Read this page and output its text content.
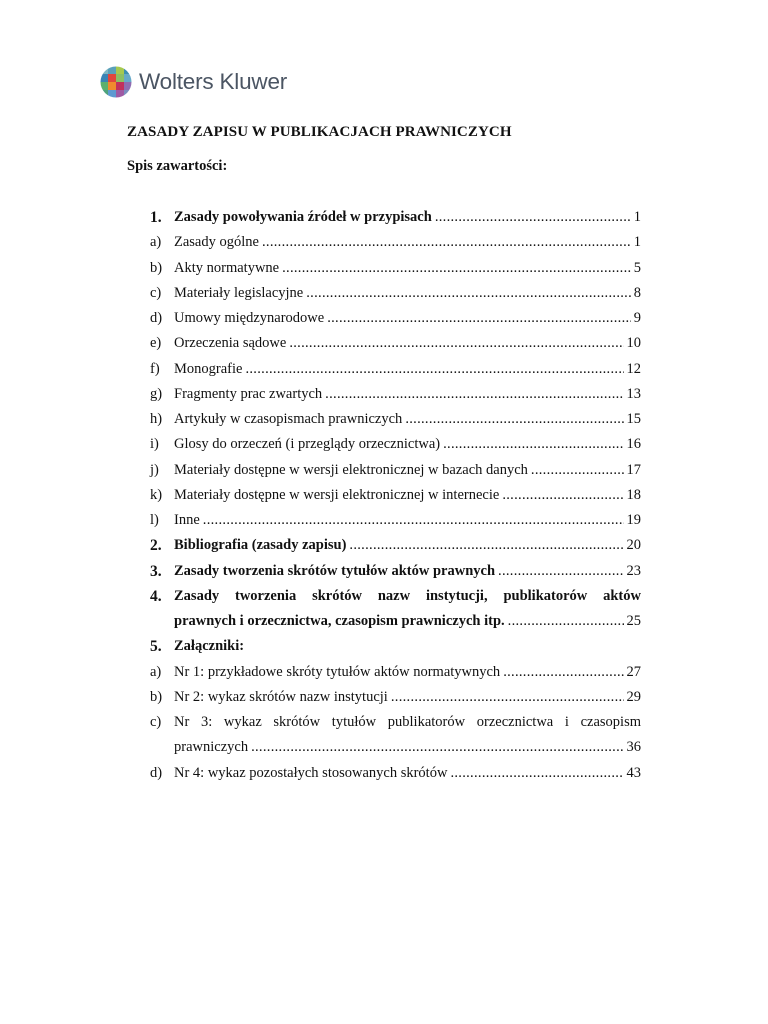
Wolters Kluwer
ZASADY ZAPISU W PUBLIKACJACH PRAWNICZYCH
Spis zawartości:
1. Zasady powoływania źródeł w przypisach .....	1
a) Zasady ogólne .....	1
b) Akty normatywne .....	5
c) Materiały legislacyjne .....	8
d) Umowy międzynarodowe .....	9
e) Orzeczenia sądowe .....	10
f) Monografie .....	12
g) Fragmenty prac zwartych .....	13
h) Artykuły w czasopismach prawniczych .....	15
i) Glosy do orzeczeń (i przeglądy orzecznictwa) .....	16
j) Materiały dostępne w wersji elektronicznej w bazach danych .....	17
k) Materiały dostępne w wersji elektronicznej w internecie .....	18
l) Inne .....	19
2. Bibliografia (zasady zapisu) .....	20
3. Zasady tworzenia skrótów tytułów aktów prawnych .....	23
4. Zasady tworzenia skrótów nazw instytucji, publikatorów aktów
prawnych i orzecznictwa, czasopism prawniczych itp. .....	25
5. Załączniki:
a) Nr 1: przykładowe skróty tytułów aktów normatywnych .....	27
b) Nr 2: wykaz skrótów nazw instytucji .....	29
c) Nr 3: wykaz skrótów tytułów publikatorów orzecznictwa i czasopism
prawniczych .....	36
d) Nr 4: wykaz pozostałych stosowanych skrótów .....	43
